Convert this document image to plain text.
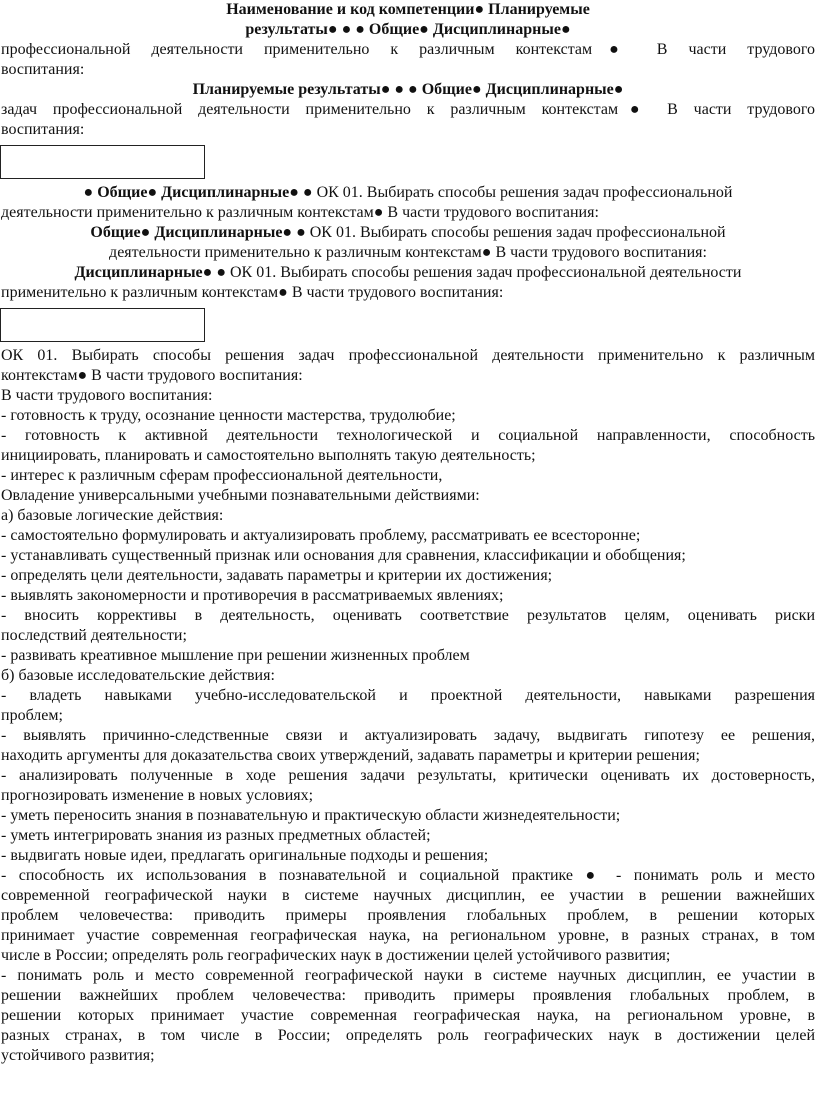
Наименование и код компетенции● Планируемые
результаты● ● ● Общие● Дисциплинарные●
профессиональной деятельности применительно к различным контекстам● В части трудового
воспитания:
Планируемые результаты● ● ● Общие● Дисциплинарные●
задач профессиональной деятельности применительно к различным контекстам● В части трудового
воспитания:
● Общие● Дисциплинарные● ● ОК 01. Выбирать способы решения задач профессиональной
деятельности применительно к различным контекстам● В части трудового воспитания:
Общие● Дисциплинарные● ● ОК 01. Выбирать способы решения задач профессиональной
деятельности применительно к различным контекстам● В части трудового воспитания:
Дисциплинарные● ● ОК 01. Выбирать способы решения задач профессиональной деятельности
применительно к различным контекстам● В части трудового воспитания:
ОК 01. Выбирать способы решения задач профессиональной деятельности применительно к различным
контекстам● В части трудового воспитания:
В части трудового воспитания:
- готовность к труду, осознание ценности мастерства, трудолюбие;
- готовность к активной деятельности технологической и социальной направленности, способность
инициировать, планировать и самостоятельно выполнять такую деятельность;
- интерес к различным сферам профессиональной деятельности,
Овладение универсальными учебными познавательными действиями:
а) базовые логические действия:
- самостоятельно формулировать и актуализировать проблему, рассматривать ее всесторонне;
- устанавливать существенный признак или основания для сравнения, классификации и обобщения;
- определять цели деятельности, задавать параметры и критерии их достижения;
- выявлять закономерности и противоречия в рассматриваемых явлениях;
- вносить коррективы в деятельность, оценивать соответствие результатов целям, оценивать риски
последствий деятельности;
- развивать креативное мышление при решении жизненных проблем
б) базовые исследовательские действия:
- владеть навыками учебно-исследовательской и проектной деятельности, навыками разрешения
проблем;
- выявлять причинно-следственные связи и актуализировать задачу, выдвигать гипотезу ее решения,
находить аргументы для доказательства своих утверждений, задавать параметры и критерии решения;
- анализировать полученные в ходе решения задачи результаты, критически оценивать их достоверность,
прогнозировать изменение в новых условиях;
- уметь переносить знания в познавательную и практическую области жизнедеятельности;
- уметь интегрировать знания из разных предметных областей;
- выдвигать новые идеи, предлагать оригинальные подходы и решения;
- способность их использования в познавательной и социальной практике ● - понимать роль и место
современной географической науки в системе научных дисциплин, ее участии в решении важнейших
проблем человечества: приводить примеры проявления глобальных проблем, в решении которых
принимает участие современная географическая наука, на региональном уровне, в разных странах, в том
числе в России; определять роль географических наук в достижении целей устойчивого развития;
- понимать роль и место современной географической науки в системе научных дисциплин, ее участии в
решении важнейших проблем человечества: приводить примеры проявления глобальных проблем, в
решении которых принимает участие современная географическая наука, на региональном уровне, в
разных странах, в том числе в России; определять роль географических наук в достижении целей
устойчивого развития;
